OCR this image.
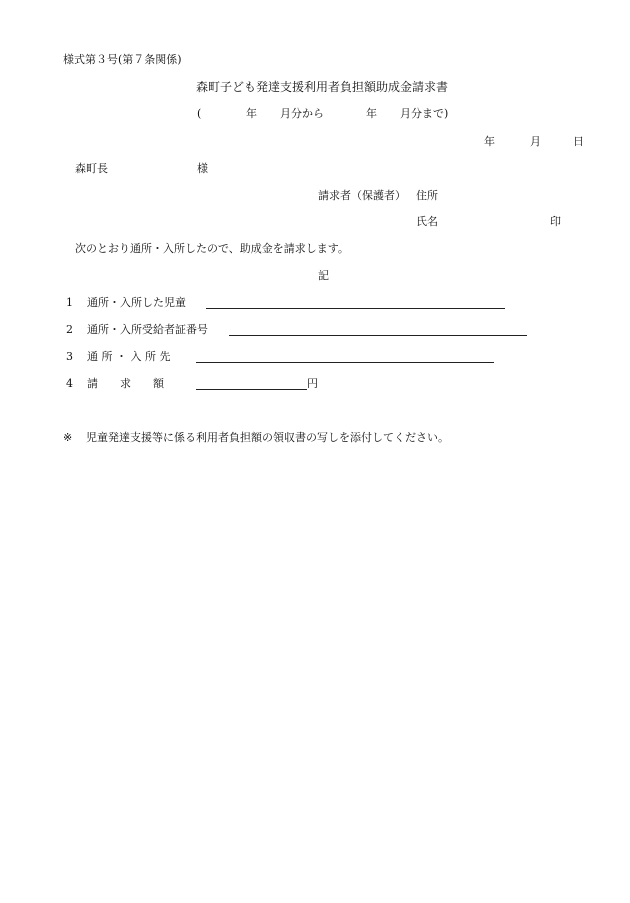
様式第３号(第７条関係)
森町子ども発達支援利用者負担額助成金請求書
(	年 月分から	年 月分まで)
年	月	日
森町長	様
請求者（保護者） 住所
氏名	印
次のとおり通所・入所したので、助成金を請求します。
記
1 通所・入所した児童
2 通所・入所受給者証番号
3 通 所 ・ 入 所 先
4 請　　求　　額	円
※ 児童発達支援等に係る利用者負担額の領収書の写しを添付してください。
